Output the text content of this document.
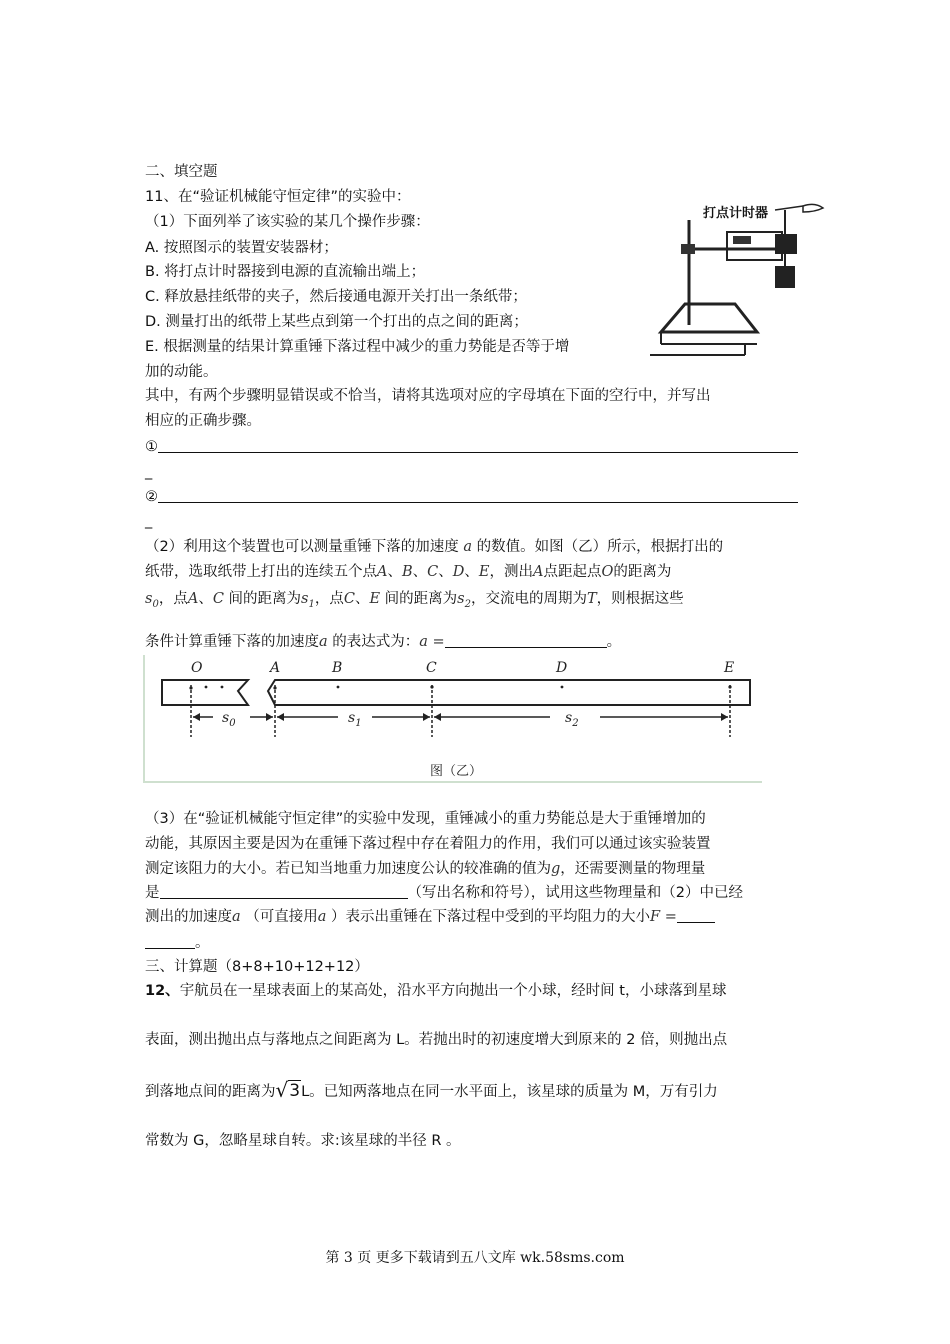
二、填空题
11、在“验证机械能守恒定律”的实验中：
（1）下面列举了该实验的某几个操作步骤：
A. 按照图示的装置安装器材；
B. 将打点计时器接到电源的直流输出端上；
C. 释放悬挂纸带的夹子，然后接通电源开关打出一条纸带；
D. 测量打出的纸带上某些点到第一个打出的点之间的距离；
E. 根据测量的结果计算重锤下落过程中减少的重力势能是否等于增
加的动能。
打点计时器
其中，有两个步骤明显错误或不恰当，请将其选项对应的字母填在下面的空行中，并写出
相应的正确步骤。
①
_
②
_
（2）利用这个装置也可以测量重锤下落的加速度 a 的数值。如图（乙）所示，根据打出的
纸带，选取纸带上打出的连续五个点A、B、C、D、E，测出A点距起点O的距离为
$s_0$，点A、C 间的距离为$s_1$，点C、E 间的距离为$s_2$，交流电的周期为T，则根据这些
条件计算重锤下落的加速度a 的表达式为：a =	。
O	A	B	C	D	E
$s_0$	$s_1$	$s_2$
图（乙）
（3）在“验证机械能守恒定律”的实验中发现，重锤减小的重力势能总是大于重锤增加的
动能，其原因主要是因为在重锤下落过程中存在着阻力的作用，我们可以通过该实验装置
测定该阻力的大小。若已知当地重力加速度公认的较准确的值为g，还需要测量的物理量
是	（写出名称和符号），试用这些物理量和（2）中已经
测出的加速度a （可直接用a ）表示出重锤在下落过程中受到的平均阻力的大小F =
。
三、计算题（8+8+10+12+12）
12、宇航员在一星球表面上的某高处，沿水平方向抛出一个小球，经时间 t，小球落到星球
表面，测出抛出点与落地点之间距离为 L。若抛出时的初速度增大到原来的 2 倍，则抛出点
到落地点间的距离为√3L。已知两落地点在同一水平面上，该星球的质量为 M，万有引力
常数为 G，忽略星球自转。求:该星球的半径 R 。
第 3 页 更多下载请到五八文库 wk.58sms.com
